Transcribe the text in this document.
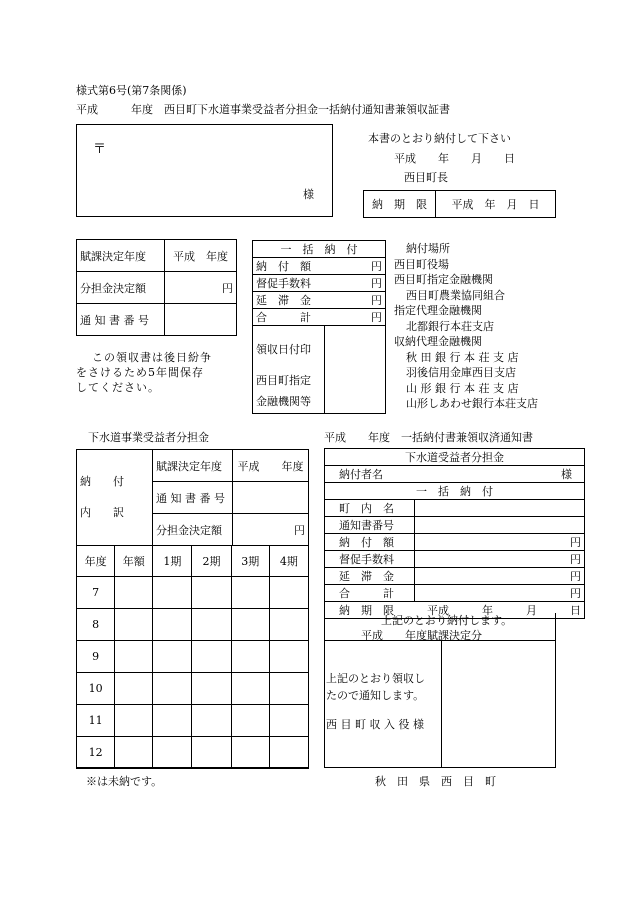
様式第6号(第7条関係)
平成　　　	年度　 西目町下水道事業受益者分担金一括納付通知書兼領収証書
〒
様
本書のとおり納付して下さい
平成　　年　　月　　日
西目町長
納　期　限	平成　年　月　日
賦課決定年度	平成　年度
分担金決定額	円
通 知 書 番 号	
この領収書は後日紛争
をさけるため5年間保存
してください。
一　括　納　付
納　付　額	円

督促手数料	円

延　滞　金	円

合　　　計	円

領収日付印
西目町指定
金融機関等

納付場所
西目町役場
西目町指定金融機関
西目町農業協同組合
指定代理金融機関
北都銀行本荘支店
収納代理金融機関
秋 田 銀 行 本 荘 支 店
羽後信用金庫西目支店
山 形 銀 行 本 荘 支 店
山形しあわせ銀行本荘支店
下水道事業受益者分担金
納　　付
内　　訳
賦課決定年度	平成　　年度
通 知 書 番 号	
分担金決定額	円
年度	年額	1期	2期	3期	4期
7					
8					
9					
10					
11					
12					
※は未納です。
平成　　 年度　 一括納付書兼領収済通知書
下水道受益者分担金	
納付者名 様	

一　括　納　付	
町　内　名	
通知書番号	
納　付　額	円
督促手数料	円
延　滞　金	円
合　　　計	円
納　期　限　　　平成　　　年　　　月　　　日	
上記のとおり納付します。
平成　　年度賦課決定分
上記のとおり領収し
たので通知します。
西 目 町 収 入 役 様
秋　田　県　西　目　町
